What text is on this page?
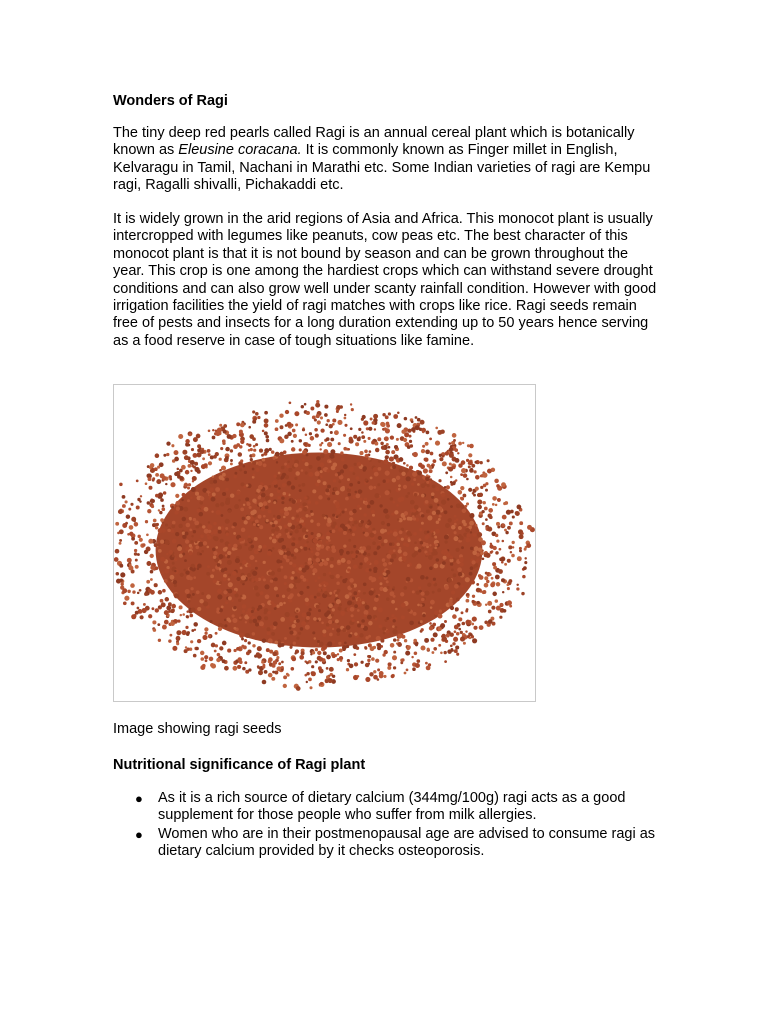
Wonders of Ragi

The tiny deep red pearls called Ragi is an annual cereal plant which is botanically known as Eleusine coracana. It is commonly known as Finger millet in English, Kelvaragu in Tamil, Nachani in Marathi etc. Some Indian varieties of ragi are Kempu ragi, Ragalli shivalli, Pichakaddi etc.

It is widely grown in the arid regions of Asia and Africa. This monocot plant is usually intercropped with legumes like peanuts, cow peas etc. The best character of this monocot plant is that it is not bound by season and can be grown throughout the year. This crop is one among the hardiest crops which can withstand severe drought conditions and can also grow well under scanty rainfall condition. However with good irrigation facilities the yield of ragi matches with crops like rice. Ragi seeds remain free of pests and insects for a long duration extending up to 50 years hence serving as a food reserve in case of tough situations like famine.

Image showing ragi seeds

Nutritional significance of Ragi plant
● As it is a rich source of dietary calcium (344mg/100g) ragi acts as a good supplement for those people who suffer from milk allergies.
● Women who are in their postmenopausal age are advised to consume ragi as dietary calcium provided by it checks osteoporosis.
